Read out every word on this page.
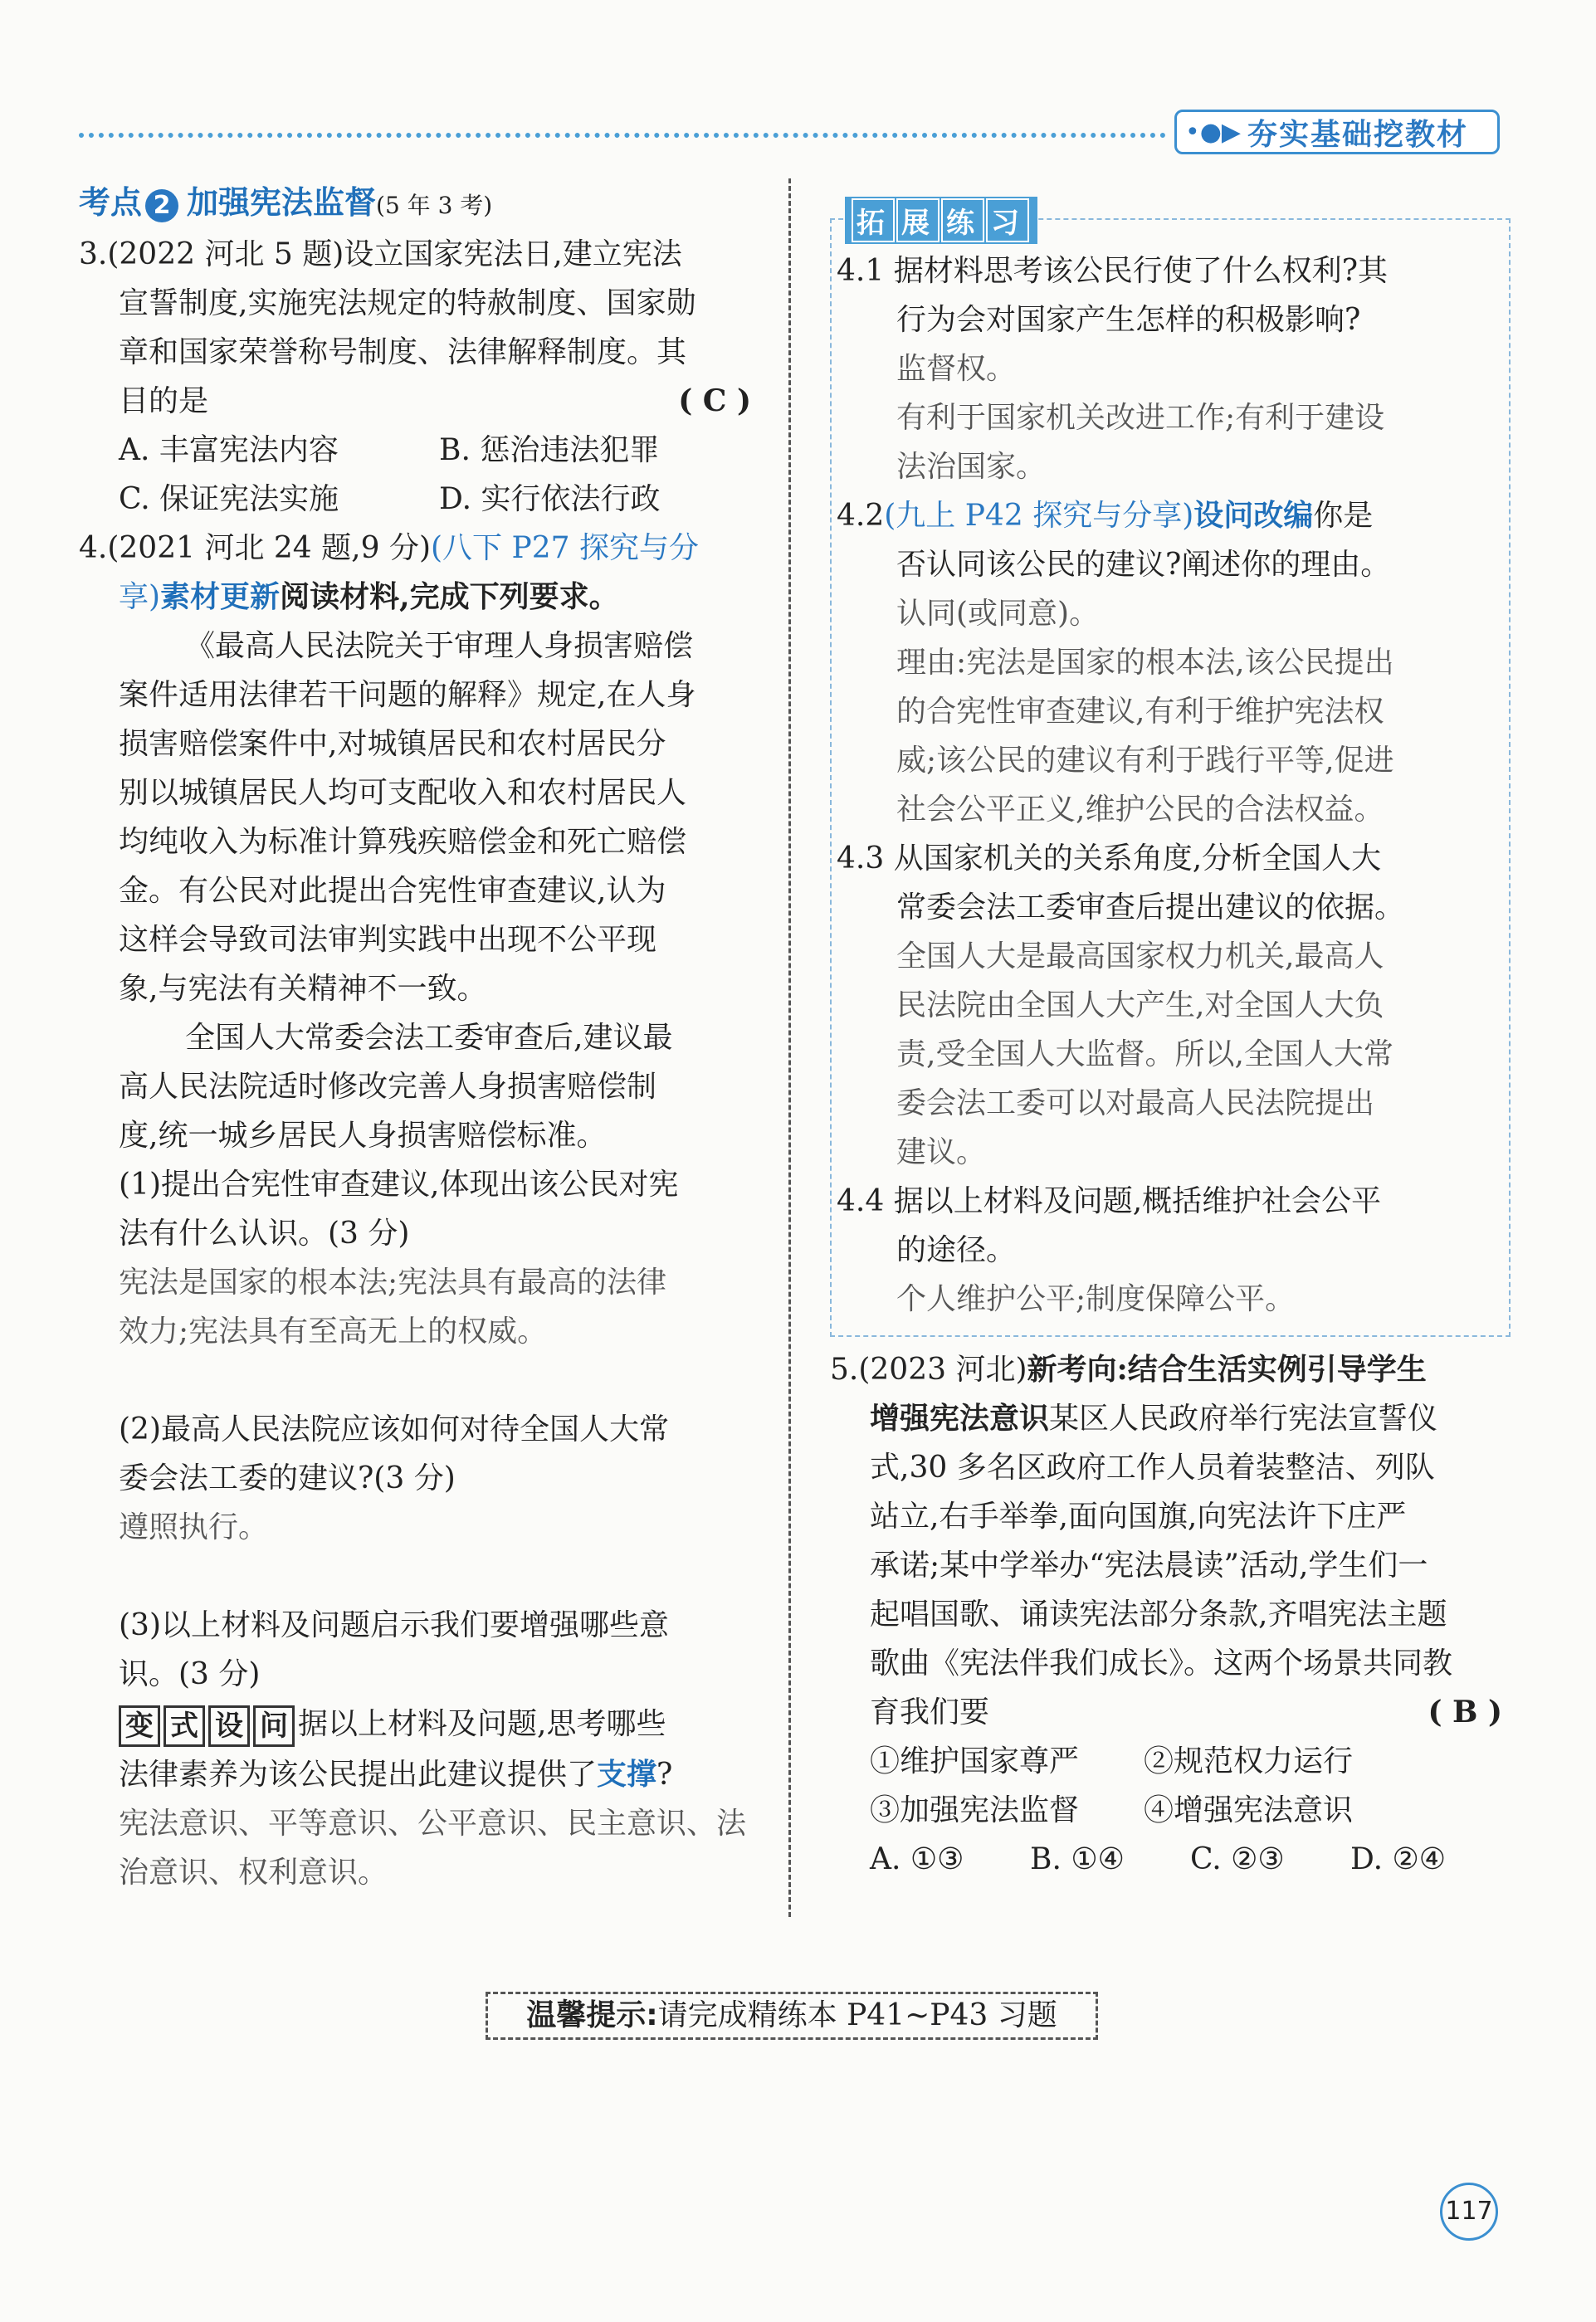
•●▶ 夯实基础挖教材
考点 2 加强宪法监督(5 年 3 考)
3.(2022 河北 5 题)设立国家宪法日,建立宪法
宣誓制度,实施宪法规定的特赦制度、国家勋
章和国家荣誉称号制度、法律解释制度。其
目的是	( C )
A. 丰富宪法内容	B. 惩治违法犯罪
C. 保证宪法实施	D. 实行依法行政
4.(2021 河北 24 题,9 分)(八下 P27 探究与分
享)素材更新阅读材料,完成下列要求。
《最高人民法院关于审理人身损害赔偿
案件适用法律若干问题的解释》规定,在人身
损害赔偿案件中,对城镇居民和农村居民分
别以城镇居民人均可支配收入和农村居民人
均纯收入为标准计算残疾赔偿金和死亡赔偿
金。有公民对此提出合宪性审查建议,认为
这样会导致司法审判实践中出现不公平现
象,与宪法有关精神不一致。
全国人大常委会法工委审查后,建议最
高人民法院适时修改完善人身损害赔偿制
度,统一城乡居民人身损害赔偿标准。
(1)提出合宪性审查建议,体现出该公民对宪
法有什么认识。(3 分)
宪法是国家的根本法;宪法具有最高的法律
效力;宪法具有至高无上的权威。
(2)最高人民法院应该如何对待全国人大常
委会法工委的建议?(3 分)
遵照执行。
(3)以上材料及问题启示我们要增强哪些意
识。(3 分)
变 式 设 问 据以上材料及问题,思考哪些
法律素养为该公民提出此建议提供了支撑?
宪法意识、平等意识、公平意识、民主意识、法
治意识、权利意识。
拓 展 练 习
4.1 据材料思考该公民行使了什么权利?其
行为会对国家产生怎样的积极影响?
监督权。
有利于国家机关改进工作;有利于建设
法治国家。
4.2(九上 P42 探究与分享)设问改编你是
否认同该公民的建议?阐述你的理由。
认同(或同意)。
理由:宪法是国家的根本法,该公民提出
的合宪性审查建议,有利于维护宪法权
威;该公民的建议有利于践行平等,促进
社会公平正义,维护公民的合法权益。
4.3 从国家机关的关系角度,分析全国人大
常委会法工委审查后提出建议的依据。
全国人大是最高国家权力机关,最高人
民法院由全国人大产生,对全国人大负
责,受全国人大监督。所以,全国人大常
委会法工委可以对最高人民法院提出
建议。
4.4 据以上材料及问题,概括维护社会公平
的途径。
个人维护公平;制度保障公平。
5.(2023 河北)新考向:结合生活实例引导学生
增强宪法意识某区人民政府举行宪法宣誓仪
式,30 多名区政府工作人员着装整洁、列队
站立,右手举拳,面向国旗,向宪法许下庄严
承诺;某中学举办“宪法晨读”活动,学生们一
起唱国歌、诵读宪法部分条款,齐唱宪法主题
歌曲《宪法伴我们成长》。这两个场景共同教
育我们要	( B )
①维护国家尊严	②规范权力运行
③加强宪法监督	④增强宪法意识
A. ①③	B. ①④	C. ②③	D. ②④
温馨提示:请完成精练本 P41~P43 习题
117
